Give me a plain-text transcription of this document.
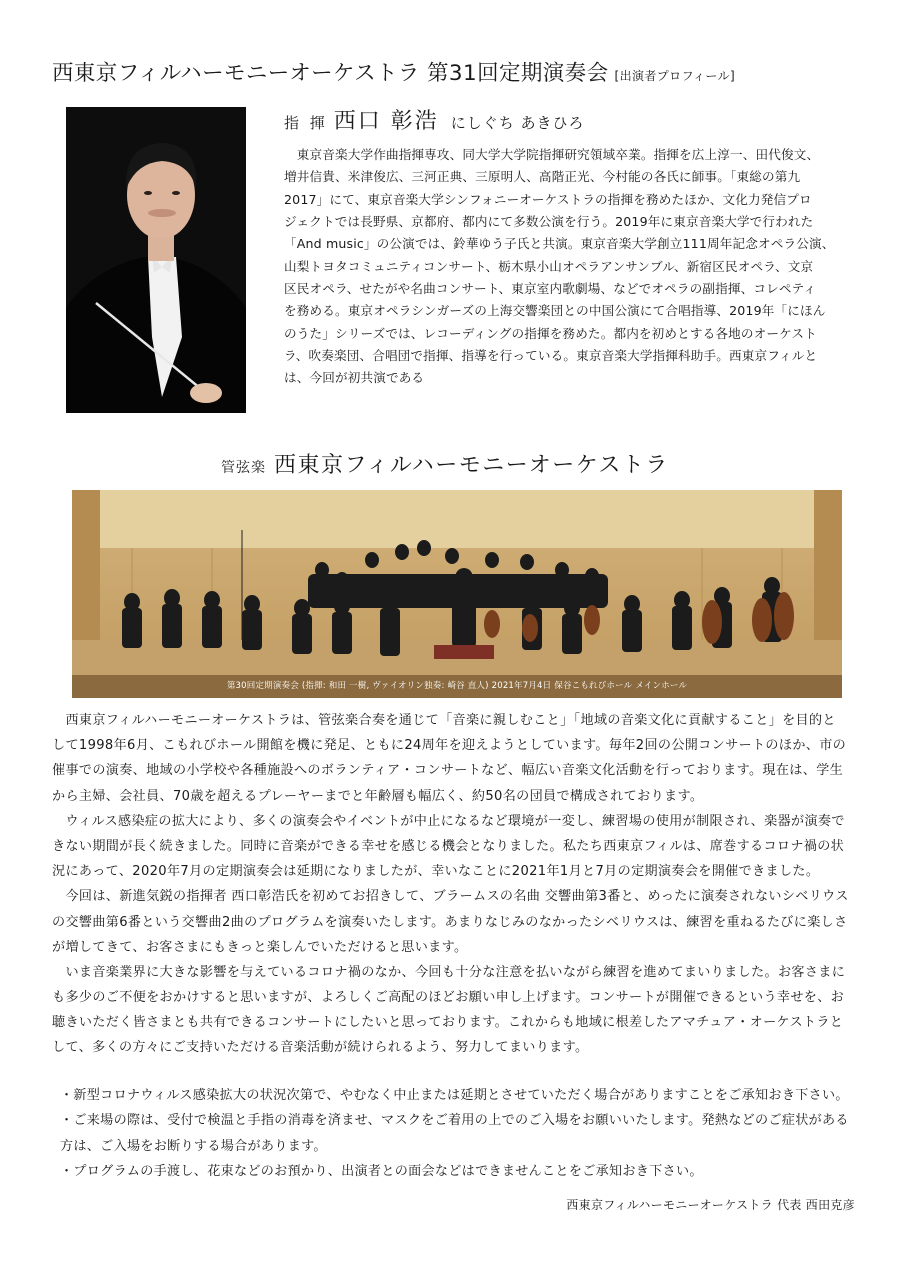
西東京フィルハーモニーオーケストラ 第31回定期演奏会 [出演者プロフィール]
指 揮 西口 彰浩 にしぐち あきひろ
　東京音楽大学作曲指揮専攻、同大学大学院指揮研究領域卒業。指揮を広上淳一、田代俊文、
増井信貴、米津俊広、三河正典、三原明人、高階正光、今村能の各氏に師事。「東総の第九
2017」にて、東京音楽大学シンフォニーオーケストラの指揮を務めたほか、文化力発信プロ
ジェクトでは長野県、京都府、都内にて多数公演を行う。2019年に東京音楽大学で行われた
「And music」の公演では、鈴華ゆう子氏と共演。東京音楽大学創立111周年記念オペラ公演、
山梨トヨタコミュニティコンサート、栃木県小山オペラアンサンブル、新宿区民オペラ、文京
区民オペラ、せたがや名曲コンサート、東京室内歌劇場、などでオペラの副指揮、コレペティ
を務める。東京オペラシンガーズの上海交響楽団との中国公演にて合唱指導、2019年「にほん
のうた」シリーズでは、レコーディングの指揮を務めた。都内を初めとする各地のオーケスト
ラ、吹奏楽団、合唱団で指揮、指導を行っている。東京音楽大学指揮科助手。西東京フィルと
は、今回が初共演である
管弦楽 西東京フィルハーモニーオーケストラ
第30回定期演奏会 (指揮: 和田 一樹, ヴァイオリン独奏: 崎谷 直人) 2021年7月4日 保谷こもれびホール メインホール
　西東京フィルハーモニーオーケストラは、管弦楽合奏を通じて「音楽に親しむこと」「地域の音楽文化に貢献すること」を目的と
して1998年6月、こもれびホール開館を機に発足、ともに24周年を迎えようとしています。毎年2回の公開コンサートのほか、市の
催事での演奏、地域の小学校や各種施設へのボランティア・コンサートなど、幅広い音楽文化活動を行っております。現在は、学生
から主婦、会社員、70歳を超えるプレーヤーまでと年齢層も幅広く、約50名の団員で構成されております。
　ウィルス感染症の拡大により、多くの演奏会やイベントが中止になるなど環境が一変し、練習場の使用が制限され、楽器が演奏で
きない期間が長く続きました。同時に音楽ができる幸せを感じる機会となりました。私たち西東京フィルは、席巻するコロナ禍の状
況にあって、2020年7月の定期演奏会は延期になりましたが、幸いなことに2021年1月と7月の定期演奏会を開催できました。
　今回は、新進気鋭の指揮者 西口彰浩氏を初めてお招きして、ブラームスの名曲 交響曲第3番と、めったに演奏されないシベリウス
の交響曲第6番という交響曲2曲のプログラムを演奏いたします。あまりなじみのなかったシベリウスは、練習を重ねるたびに楽しさ
が増してきて、お客さまにもきっと楽しんでいただけると思います。
　いま音楽業界に大きな影響を与えているコロナ禍のなか、今回も十分な注意を払いながら練習を進めてまいりました。お客さまに
も多少のご不便をおかけすると思いますが、よろしくご高配のほどお願い申し上げます。コンサートが開催できるという幸せを、お
聴きいただく皆さまとも共有できるコンサートにしたいと思っております。これからも地域に根差したアマチュア・オーケストラと
して、多くの方々にご支持いただける音楽活動が続けられるよう、努力してまいります。
・新型コロナウィルス感染拡大の状況次第で、やむなく中止または延期とさせていただく場合がありますことをご承知おき下さい。
・ご来場の際は、受付で検温と手指の消毒を済ませ、マスクをご着用の上でのご入場をお願いいたします。発熱などのご症状がある
方は、ご入場をお断りする場合があります。
・プログラムの手渡し、花束などのお預かり、出演者との面会などはできませんことをご承知おき下さい。
西東京フィルハーモニーオーケストラ 代表 西田克彦
